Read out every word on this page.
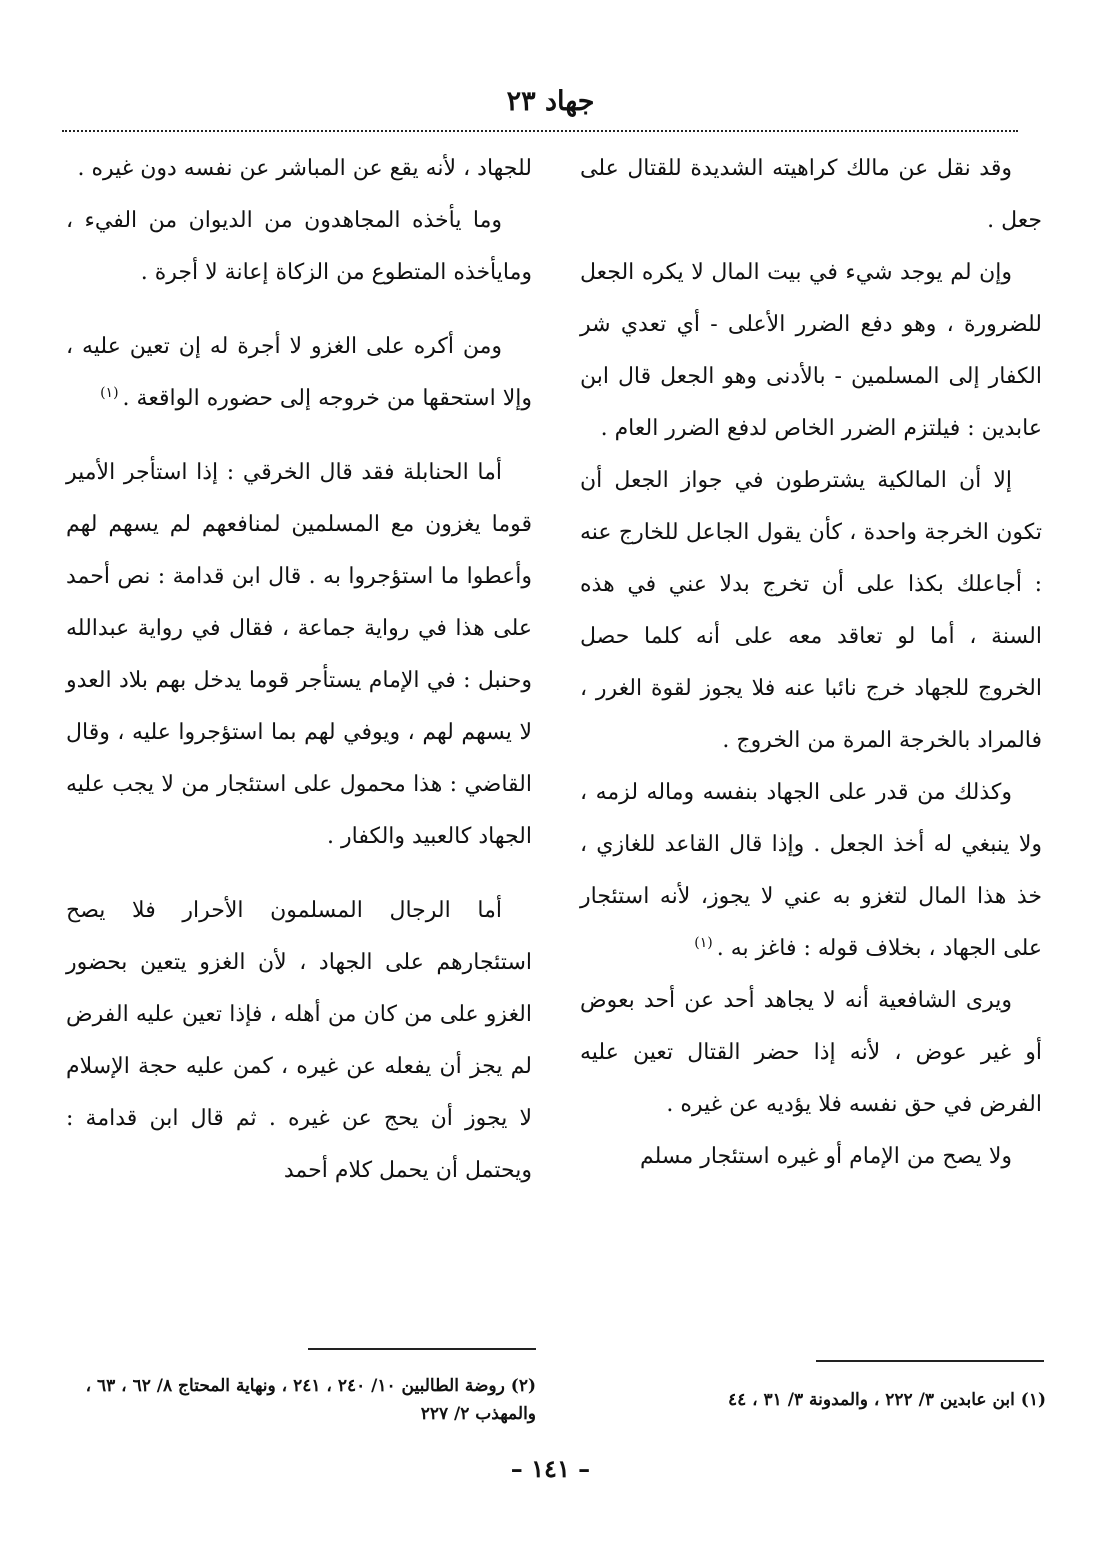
جهاد ٢٣

وقد نقل عن مالك كراهيته الشديدة للقتال على جعل .

وإن لم يوجد شيء في بيت المال لا يكره الجعل للضرورة ، وهو دفع الضرر الأعلى - أي تعدي شر الكفار إلى المسلمين - بالأدنى وهو الجعل قال ابن عابدين : فيلتزم الضرر الخاص لدفع الضرر العام .

إلا أن المالكية يشترطون في جواز الجعل أن تكون الخرجة واحدة ، كأن يقول الجاعل للخارج عنه : أجاعلك بكذا على أن تخرج بدلا عني في هذه السنة ، أما لو تعاقد معه على أنه كلما حصل الخروج للجهاد خرج نائبا عنه فلا يجوز لقوة الغرر ، فالمراد بالخرجة المرة من الخروج .

وكذلك من قدر على الجهاد بنفسه وماله لزمه ، ولا ينبغي له أخذ الجعل . وإذا قال القاعد للغازي ، خذ هذا المال لتغزو به عني لا يجوز، لأنه استئجار على الجهاد ، بخلاف قوله : فاغز به .$^{(١)}$

ويرى الشافعية أنه لا يجاهد أحد عن أحد بعوض أو غير عوض ، لأنه إذا حضر القتال تعين عليه الفرض في حق نفسه فلا يؤديه عن غيره .

ولا يصح من الإمام أو غيره استئجار مسلم

للجهاد ، لأنه يقع عن المباشر عن نفسه دون غيره .

وما يأخذه المجاهدون من الديوان من الفيء ، ومايأخذه المتطوع من الزكاة إعانة لا أجرة .

ومن أكره على الغزو لا أجرة له إن تعين عليه ، وإلا استحقها من خروجه إلى حضوره الواقعة .$^{(١)}$

أما الحنابلة فقد قال الخرقي : إذا استأجر الأمير قوما يغزون مع المسلمين لمنافعهم لم يسهم لهم وأعطوا ما استؤجروا به . قال ابن قدامة : نص أحمد على هذا في رواية جماعة ، فقال في رواية عبدالله وحنبل : في الإمام يستأجر قوما يدخل بهم بلاد العدو لا يسهم لهم ، ويوفي لهم بما استؤجروا عليه ، وقال القاضي : هذا محمول على استئجار من لا يجب عليه الجهاد كالعبيد والكفار .

أما الرجال المسلمون الأحرار فلا يصح استئجارهم على الجهاد ، لأن الغزو يتعين بحضور الغزو على من كان من أهله ، فإذا تعين عليه الفرض لم يجز أن يفعله عن غيره ، كمن عليه حجة الإسلام لا يجوز أن يحج عن غيره . ثم قال ابن قدامة : ويحتمل أن يحمل كلام أحمد

(١) ابن عابدين ٣/ ٢٢٢ ، والمدونة ٣/ ٣١ ، ٤٤
(٢) روضة الطالبين ١٠/ ٢٤٠ ، ٢٤١ ، ونهاية المحتاج ٨/ ٦٢ ، ٦٣ ، والمهذب ٢/ ٢٢٧
– ١٤١ –
